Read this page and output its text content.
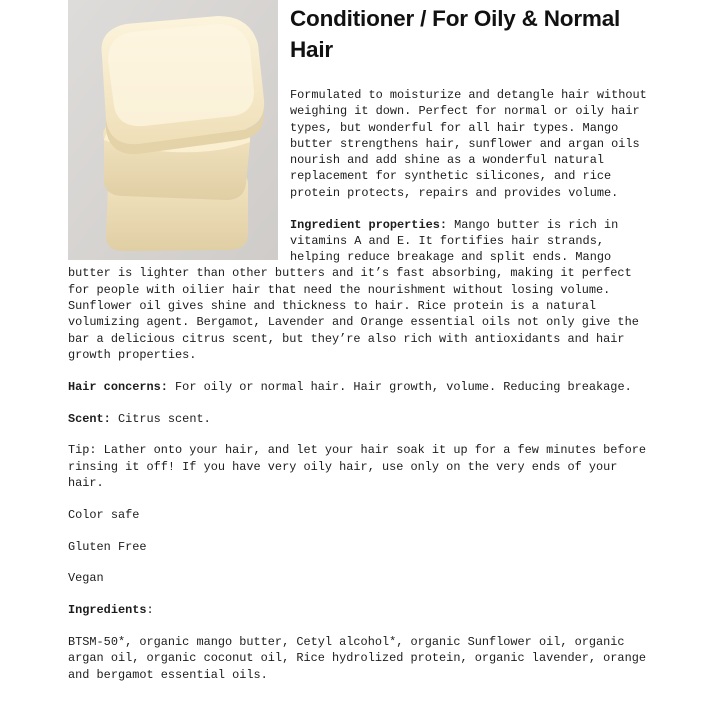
Conditioner / For Oily & Normal Hair

Formulated to moisturize and detangle hair without weighing it down. Perfect for normal or oily hair types, but wonderful for all hair types. Mango butter strengthens hair, sunflower and argan oils nourish and add shine as a wonderful natural replacement for synthetic silicones, and rice protein protects, repairs and provides volume.

Ingredient properties: Mango butter is rich in vitamins A and E. It fortifies hair strands, helping reduce breakage and split ends. Mango butter is lighter than other butters and it’s fast absorbing, making it perfect for people with oilier hair that need the nourishment without losing volume. Sunflower oil gives shine and thickness to hair. Rice protein is a natural volumizing agent. Bergamot, Lavender and Orange essential oils not only give the bar a delicious citrus scent, but they’re also rich with antioxidants and hair growth properties.

Hair concerns: For oily or normal hair. Hair growth, volume. Reducing breakage.

Scent: Citrus scent.

Tip: Lather onto your hair, and let your hair soak it up for a few minutes before rinsing it off! If you have very oily hair, use only on the very ends of your hair.

Color safe

Gluten Free

Vegan

Ingredients:

BTSM-50*, organic mango butter, Cetyl alcohol*, organic Sunflower oil, organic argan oil, organic coconut oil, Rice hydrolized protein, organic lavender, orange and bergamot essential oils.
